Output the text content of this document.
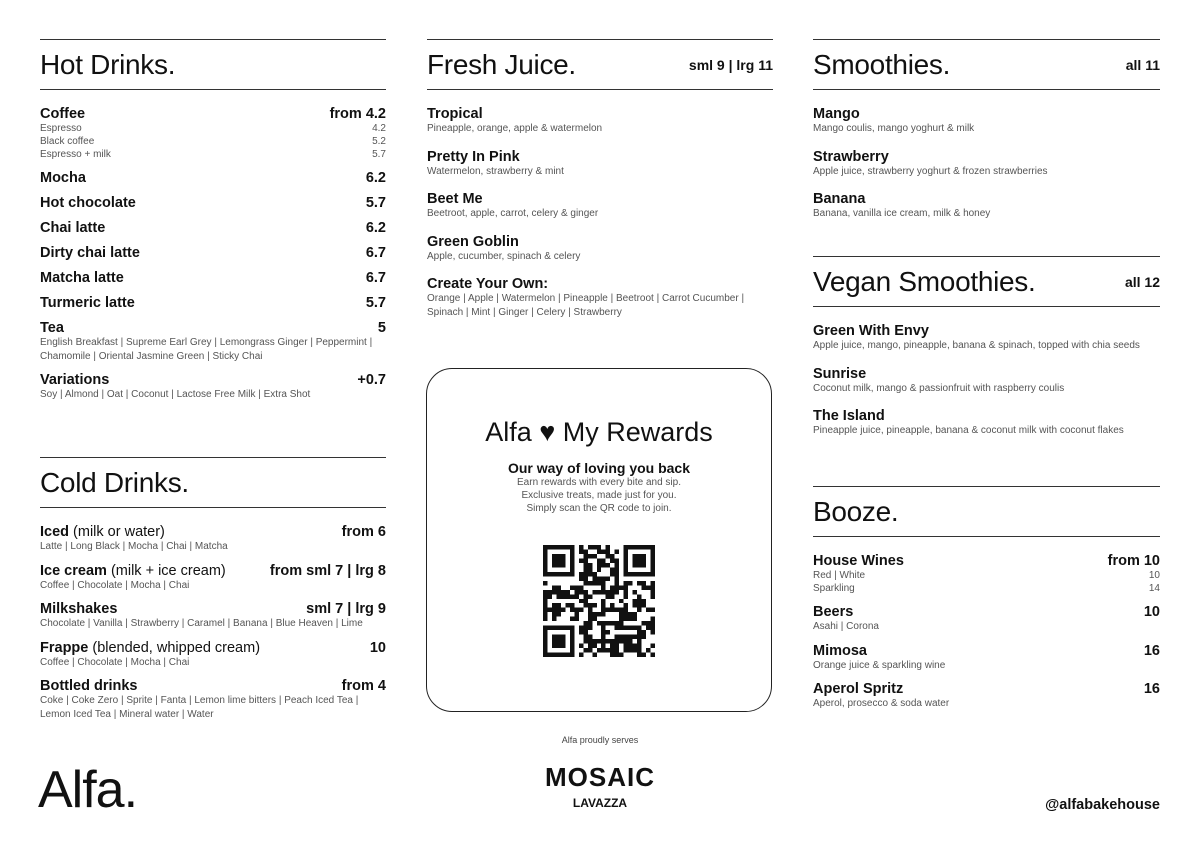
Hot Drinks.
Coffee	from 4.2
Espresso	4.2
Black coffee	5.2
Espresso + milk	5.7
Mocha	6.2
Hot chocolate	5.7
Chai latte	6.2
Dirty chai latte	6.7
Matcha latte	6.7
Turmeric latte	5.7
Tea	5
English Breakfast | Supreme Earl Grey | Lemongrass Ginger | Peppermint | Chamomile | Oriental Jasmine Green | Sticky Chai
Variations	+0.7
Soy | Almond | Oat | Coconut | Lactose Free Milk | Extra Shot
Cold Drinks.
Iced (milk or water)	from 6
Latte | Long Black | Mocha | Chai | Matcha
Ice cream (milk + ice cream)	from sml 7 | lrg 8
Coffee | Chocolate | Mocha | Chai
Milkshakes	sml 7 | lrg 9
Chocolate | Vanilla | Strawberry | Caramel | Banana | Blue Heaven | Lime
Frappe (blended, whipped cream)	10
Coffee | Chocolate | Mocha | Chai
Bottled drinks	from 4
Coke | Coke Zero | Sprite | Fanta | Lemon lime bitters | Peach Iced Tea | Lemon Iced Tea | Mineral water | Water
Fresh Juice.	sml 9 | lrg 11
Tropical
Pineapple, orange, apple & watermelon
Pretty In Pink
Watermelon, strawberry & mint
Beet Me
Beetroot, apple, carrot, celery & ginger
Green Goblin
Apple, cucumber, spinach & celery
Create Your Own:
Orange | Apple | Watermelon | Pineapple | Beetroot | Carrot Cucumber | Spinach | Mint | Ginger | Celery | Strawberry
Alfa ♥ My Rewards
Our way of loving you back
Earn rewards with every bite and sip.
Exclusive treats, made just for you.
Simply scan the QR code to join.
Alfa proudly serves
MOSAIC
LAVAZZA
Smoothies.	all 11
Mango
Mango coulis, mango yoghurt & milk
Strawberry
Apple juice, strawberry yoghurt & frozen strawberries
Banana
Banana, vanilla ice cream, milk & honey
Vegan Smoothies.	all 12
Green With Envy
Apple juice, mango, pineapple, banana & spinach, topped with chia seeds
Sunrise
Coconut milk, mango & passionfruit with raspberry coulis
The Island
Pineapple juice, pineapple, banana & coconut milk with coconut flakes
Booze.
House Wines	from 10
Red | White	10
Sparkling	14
Beers	10
Asahi | Corona
Mimosa	16
Orange juice & sparkling wine
Aperol Spritz	16
Aperol, prosecco & soda water
Alfa.	@alfabakehouse
